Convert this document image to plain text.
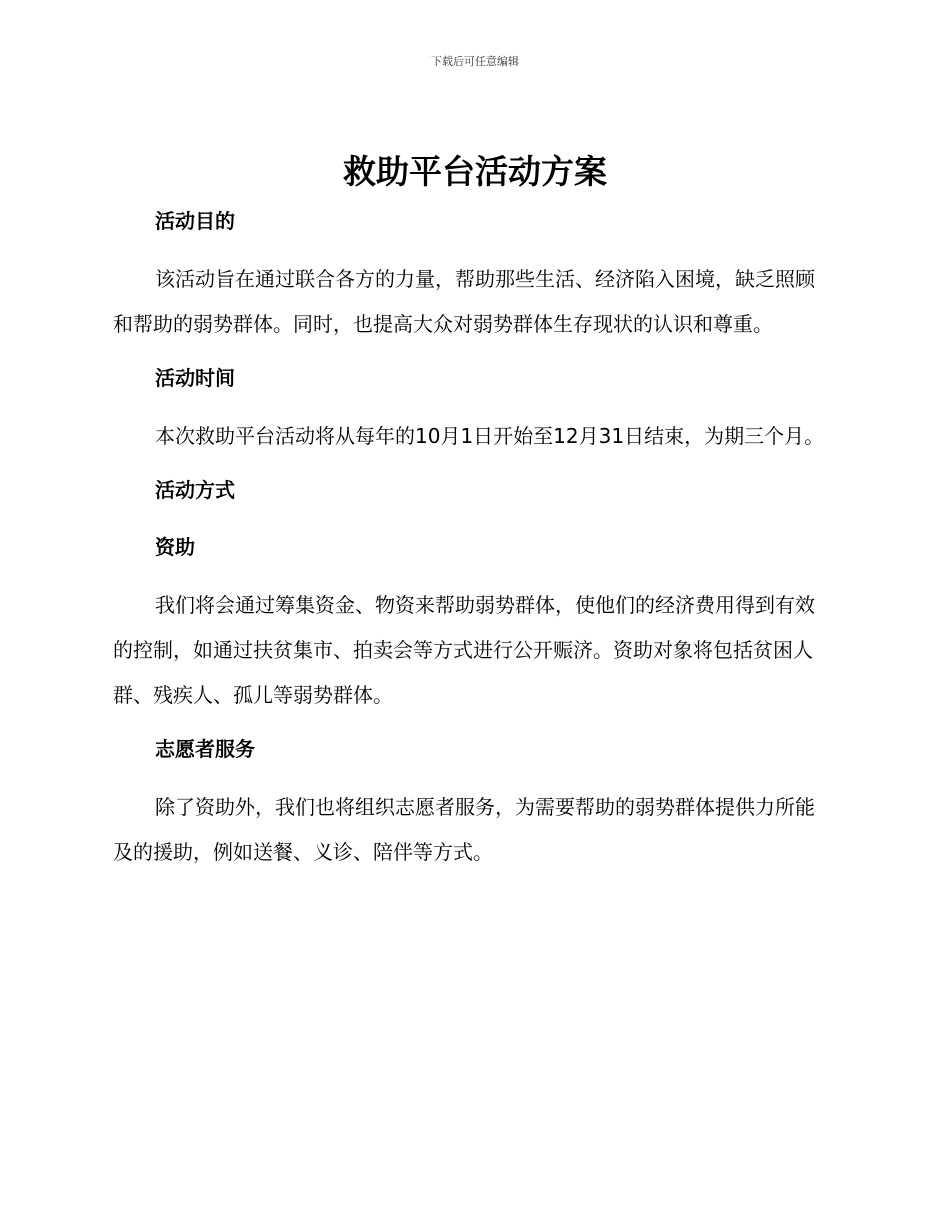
下载后可任意编辑
救助平台活动方案
活动目的

该活动旨在通过联合各方的力量，帮助那些生活、经济陷入困境，缺乏照顾和帮助的弱势群体。同时，也提高大众对弱势群体生存现状的认识和尊重。

活动时间

本次救助平台活动将从每年的10月1日开始至12月31日结束，为期三个月。

活动方式
资助

我们将会通过筹集资金、物资来帮助弱势群体，使他们的经济费用得到有效的控制，如通过扶贫集市、拍卖会等方式进行公开赈济。资助对象将包括贫困人群、残疾人、孤儿等弱势群体。

志愿者服务

除了资助外，我们也将组织志愿者服务，为需要帮助的弱势群体提供力所能及的援助，例如送餐、义诊、陪伴等方式。
